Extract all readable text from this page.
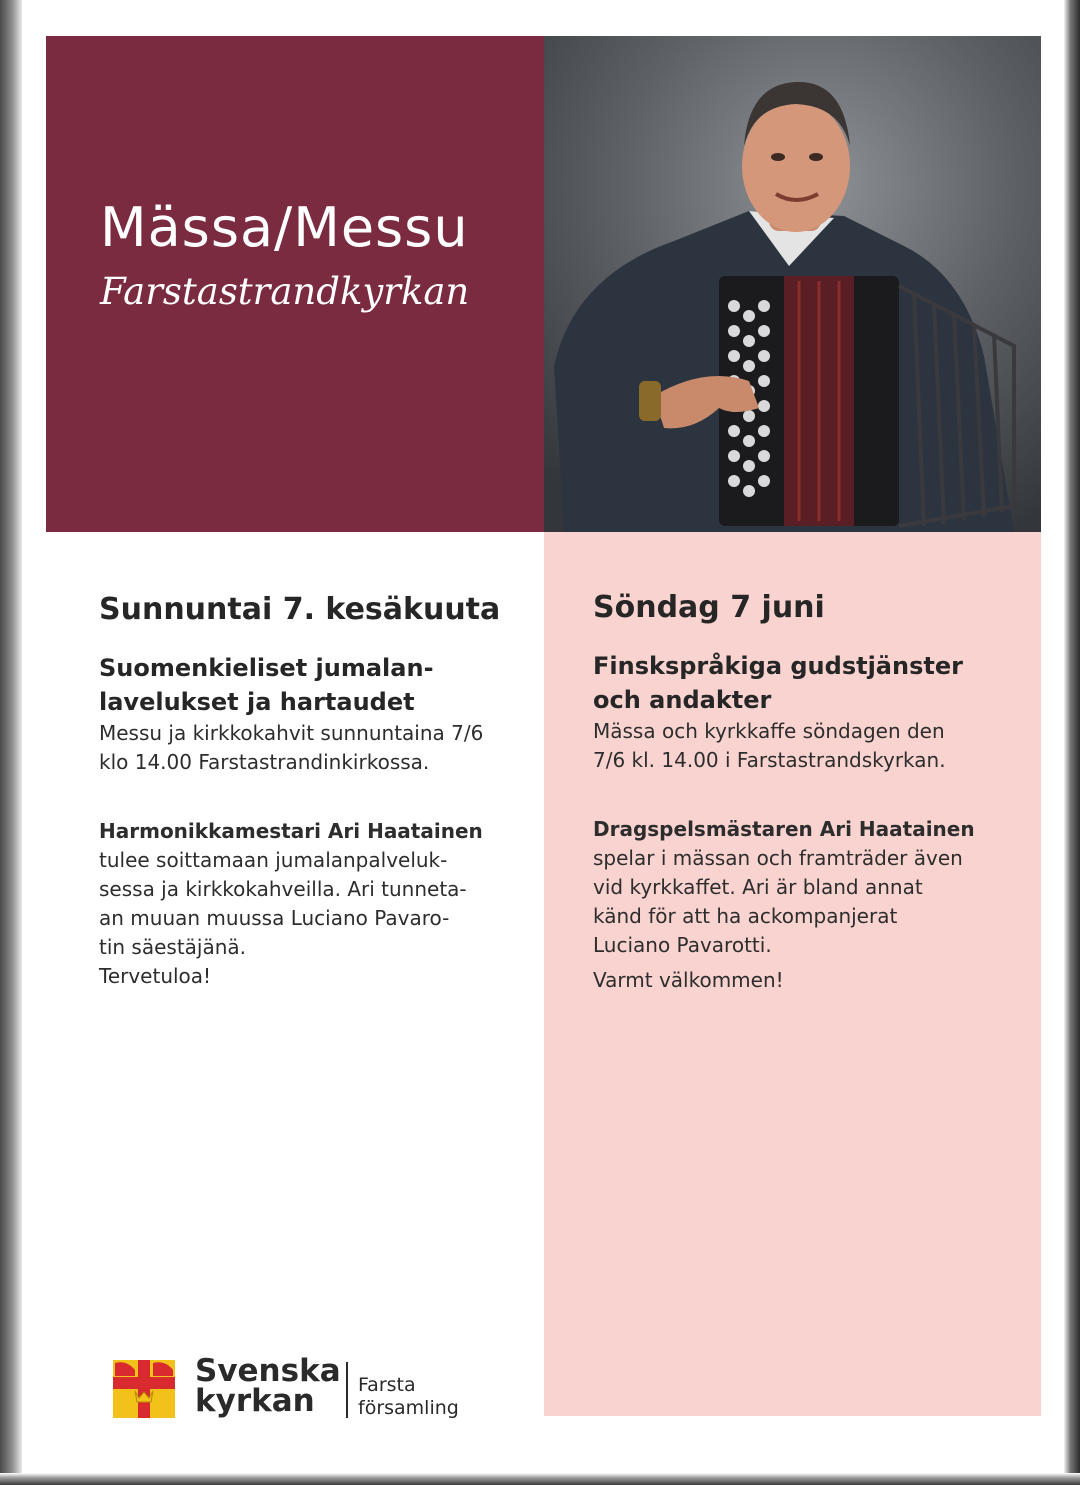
Mässa/Messu
Farstastrandkyrkan
Sunnuntai 7. kesäkuuta
Suomenkieliset jumalan-
lavelukset ja hartaudet
Messu ja kirkkokahvit sunnuntaina 7/6
klo 14.00 Farstastrandinkirkossa.
Harmonikkamestari Ari Haatainen
tulee soittamaan jumalanpalveluk-
sessa ja kirkkokahveilla. Ari tunneta-
an muuan muussa Luciano Pavaro-
tin säestäjänä.
Tervetuloa!
Söndag 7 juni
Finskspråkiga gudstjänster
och andakter
Mässa och kyrkkaffe söndagen den
7/6 kl. 14.00 i Farstastrandskyrkan.
Dragspelsmästaren Ari Haatainen
spelar i mässan och framträder även
vid kyrkkaffet. Ari är bland annat
känd för att ha ackompanjerat
Luciano Pavarotti.
Varmt välkommen!
Svenska
kyrkan	Farsta
församling
